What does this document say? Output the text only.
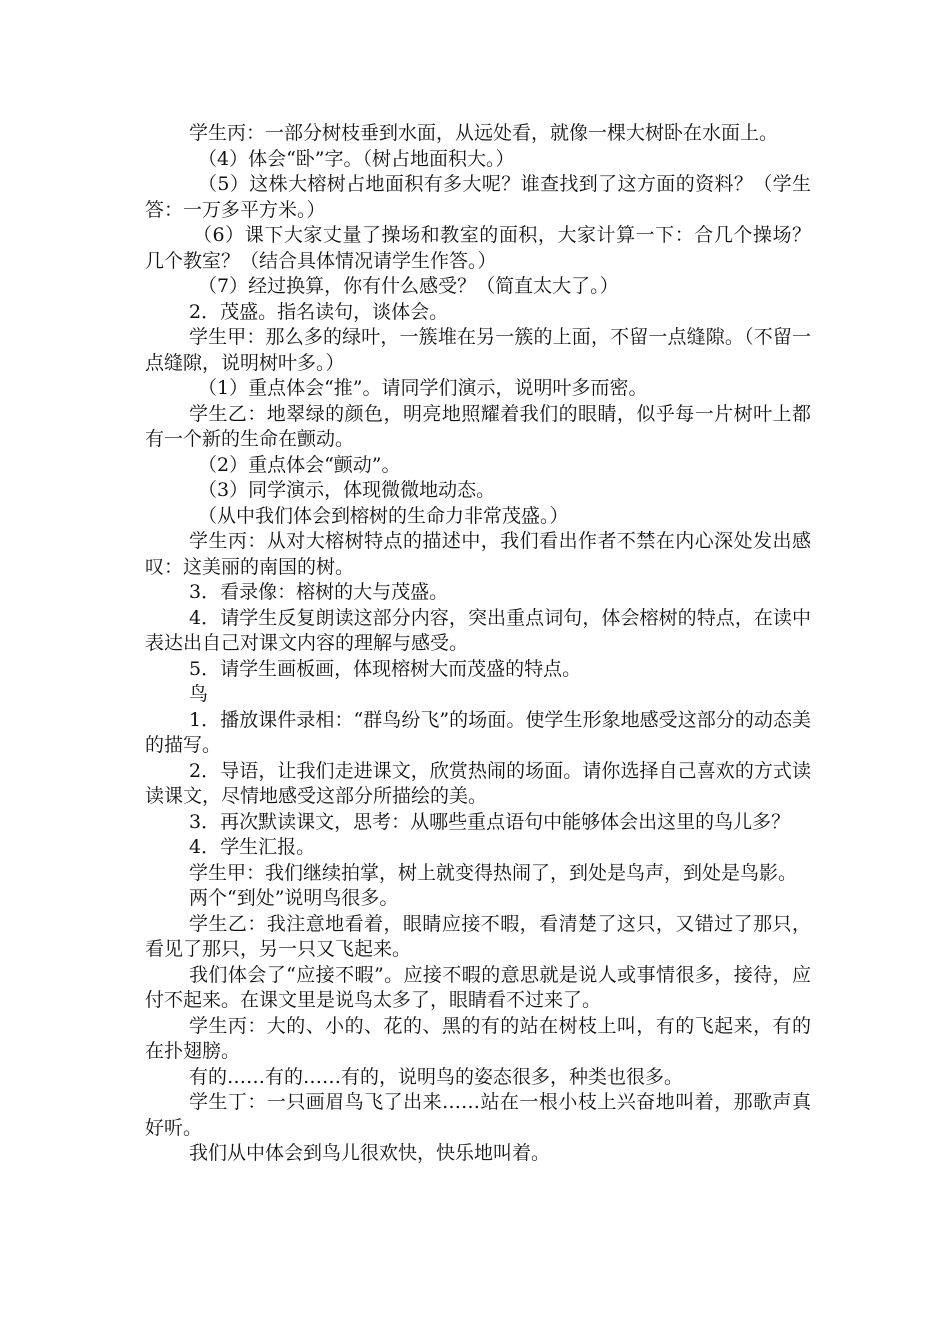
学生丙：一部分树枝垂到水面，从远处看，就像一棵大树卧在水面上。

（4）体会“卧”字。（树占地面积大。）

（5）这株大榕树占地面积有多大呢？谁查找到了这方面的资料？（学生答：一万多平方米。）

（6）课下大家丈量了操场和教室的面积，大家计算一下：合几个操场？几个教室？（结合具体情况请学生作答。）

（7）经过换算，你有什么感受？（简直太大了。）

2．茂盛。指名读句，谈体会。

学生甲：那么多的绿叶，一簇堆在另一簇的上面，不留一点缝隙。（不留一点缝隙，说明树叶多。）

（1）重点体会“推”。请同学们演示，说明叶多而密。

学生乙：地翠绿的颜色，明亮地照耀着我们的眼睛，似乎每一片树叶上都有一个新的生命在颤动。

（2）重点体会“颤动”。

（3）同学演示，体现微微地动态。

（从中我们体会到榕树的生命力非常茂盛。）

学生丙：从对大榕树特点的描述中，我们看出作者不禁在内心深处发出感叹：这美丽的南国的树。

3．看录像：榕树的大与茂盛。

4．请学生反复朗读这部分内容，突出重点词句，体会榕树的特点，在读中表达出自己对课文内容的理解与感受。

5．请学生画板画，体现榕树大而茂盛的特点。

鸟

1．播放课件录相：“群鸟纷飞”的场面。使学生形象地感受这部分的动态美的描写。

2．导语，让我们走进课文，欣赏热闹的场面。请你选择自己喜欢的方式读读课文，尽情地感受这部分所描绘的美。

3．再次默读课文，思考：从哪些重点语句中能够体会出这里的鸟儿多？

4．学生汇报。

学生甲：我们继续拍掌，树上就变得热闹了，到处是鸟声，到处是鸟影。

两个“到处”说明鸟很多。

学生乙：我注意地看着，眼睛应接不暇，看清楚了这只，又错过了那只，看见了那只，另一只又飞起来。

我们体会了“应接不暇”。应接不暇的意思就是说人或事情很多，接待，应付不起来。在课文里是说鸟太多了，眼睛看不过来了。

学生丙：大的、小的、花的、黑的有的站在树枝上叫，有的飞起来，有的在扑翅膀。

有的……有的……有的，说明鸟的姿态很多，种类也很多。

学生丁：一只画眉鸟飞了出来……站在一根小枝上兴奋地叫着，那歌声真好听。

我们从中体会到鸟儿很欢快，快乐地叫着。
